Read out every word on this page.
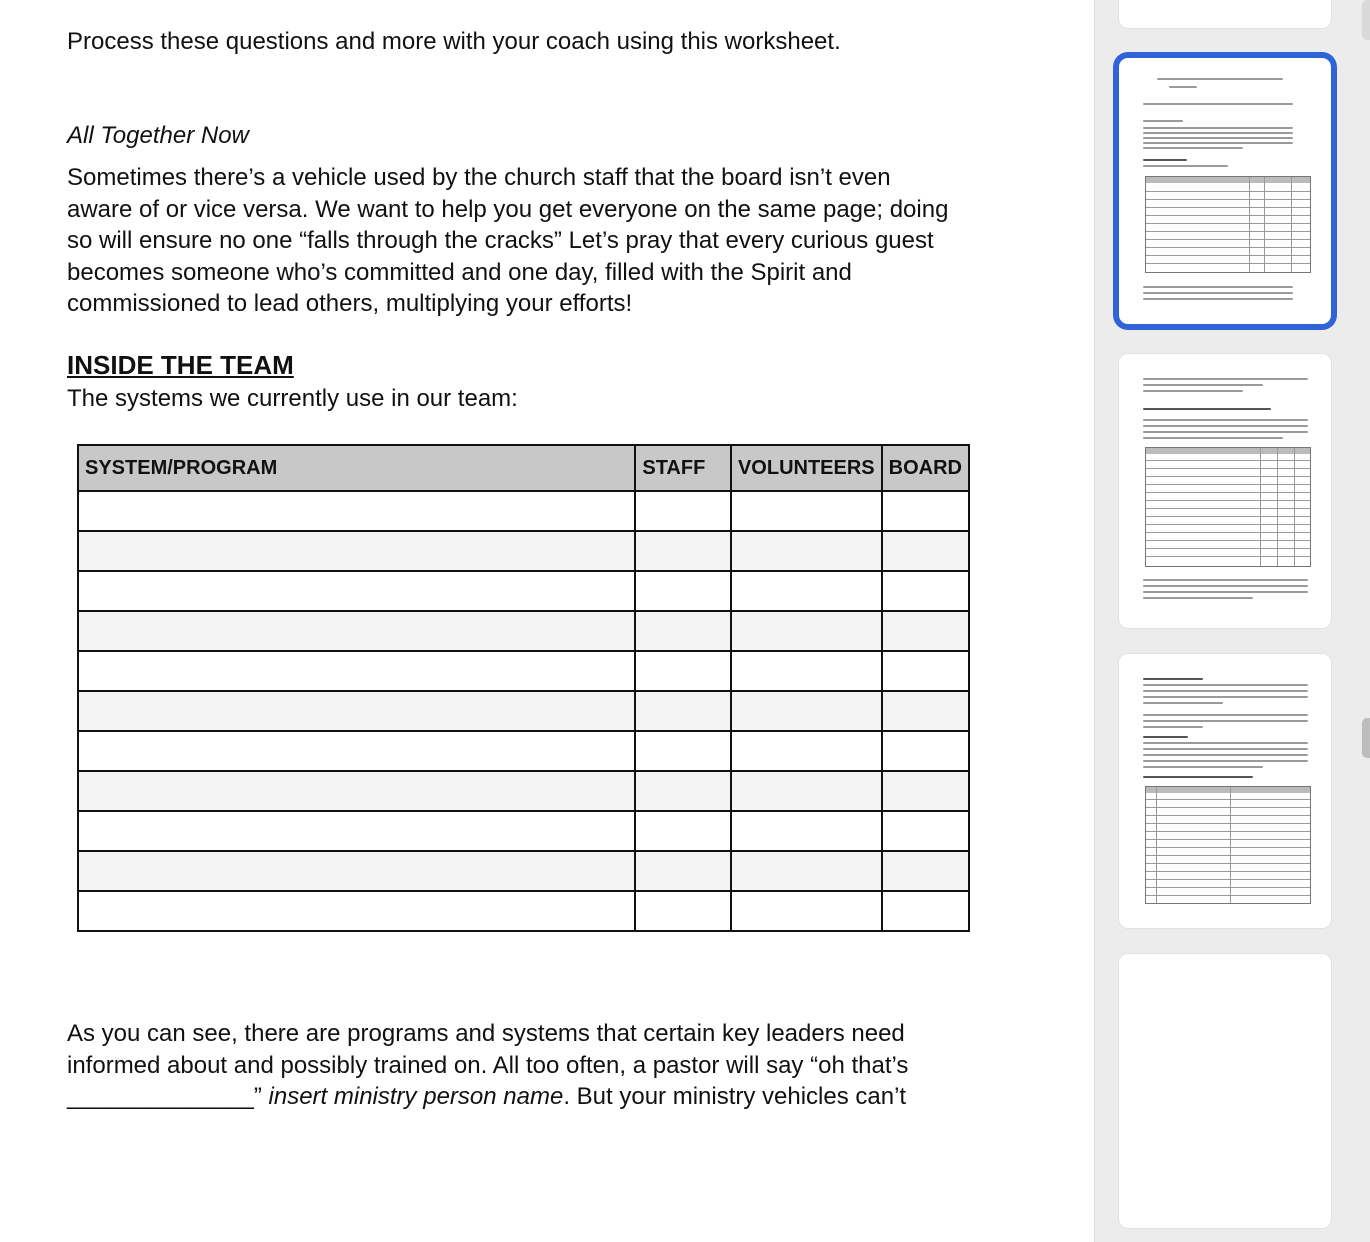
Process these questions and more with your coach using this worksheet.

All Together Now

Sometimes there’s a vehicle used by the church staff that the board isn’t even aware of or vice versa. We want to help you get everyone on the same page; doing so will ensure no one “falls through the cracks” Let’s pray that every curious guest becomes someone who’s committed and one day, filled with the Spirit and commissioned to lead others, multiplying your efforts!

INSIDE THE TEAM

The systems we currently use in our team:

SYSTEM/PROGRAM	STAFF	VOLUNTEERS	BOARD

As you can see, there are programs and systems that certain key leaders need informed about and possibly trained on. All too often, a pastor will say “oh that’s ______________” insert ministry person name. But your ministry vehicles can’t
